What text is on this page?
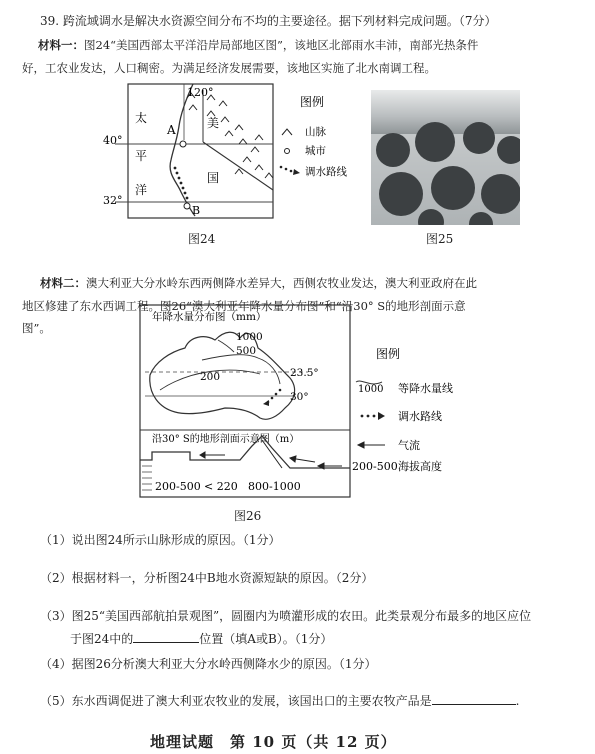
39. 跨流域调水是解决水资源空间分布不均的主要途径。据下列材料完成问题。（7分）
材料一：图24“美国西部太平洋沿岸局部地区图”，该地区北部雨水丰沛，南部光热条件
好，工农业发达，人口稠密。为满足经济发展需要，该地区实施了北水南调工程。
120°
40°
32°
太
平
洋
美
国
A
B
图例
山脉
城市
调水路线
图24	图25
材料二：澳大利亚大分水岭东西两侧降水差异大，西侧农牧业发达，澳大利亚政府在此
地区修建了东水西调工程。图26“澳大利亚年降水量分布图”和“沿30° S的地形剖面示意
图”。
年降水量分布图（mm）
1000
500
200	23.5°
30°
沿30° S的地形剖面示意图（m）
200-500 < 220 800-1000
图例
1000 等降水量线
调水路线
气流
200-500 海拔高度
图26
（1）说出图24所示山脉形成的原因。（1分）
（2）根据材料一，分析图24中B地水资源短缺的原因。（2分）
（3）图25“美国西部航拍景观图”，圆圈内为喷灌形成的农田。此类景观分布最多的地区应位
于图24中的	位置（填A或B）。（1分）
（4）据图26分析澳大利亚大分水岭西侧降水少的原因。（1分）
（5）东水西调促进了澳大利亚农牧业的发展，该国出口的主要农牧产品是	.
地理试题　第 10 页（共 12 页）
